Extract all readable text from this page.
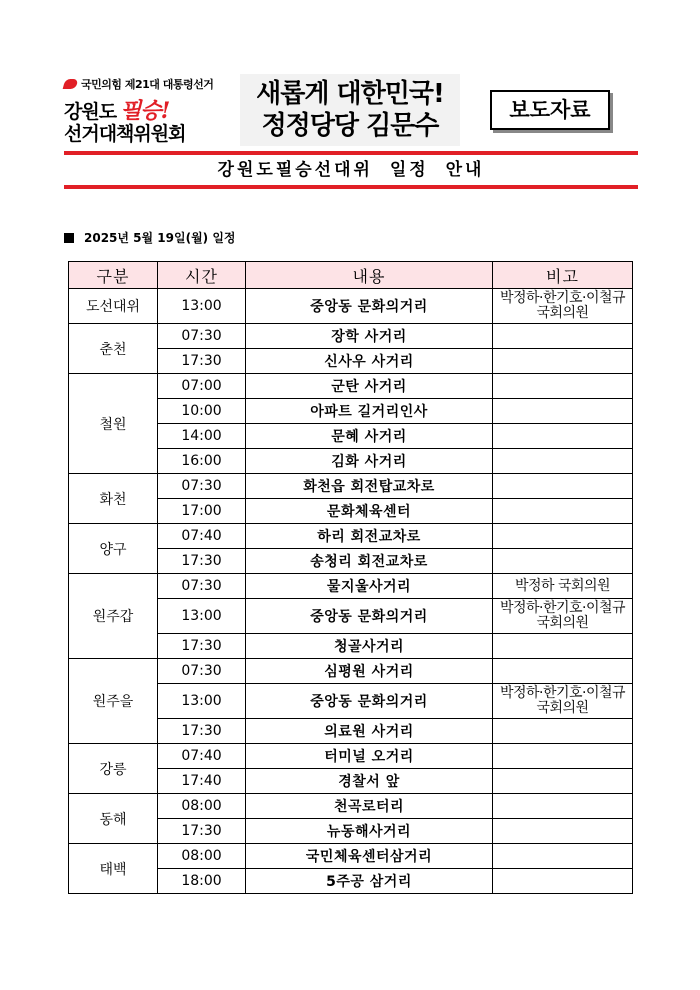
국민의힘 제21대 대통령선거
강원도 필승!
선거대책위원회
새롭게 대한민국!
정정당당 김문수
보도자료
강원도필승선대위 일정 안내
2025년 5월 19일(월) 일정
구분	시간	내용	비고
도선대위	13:00	중앙동 문화의거리	박정하·한기호·이철규
국회의원

춘천	07:30	장학 사거리	

	17:30	신사우 사거리	

철원	07:00	군탄 사거리	

	10:00	아파트 길거리인사	

	14:00	문혜 사거리	

	16:00	김화 사거리	

화천	07:30	화천읍 회전탑교차로	

	17:00	문화체육센터	

양구	07:40	하리 회전교차로	

	17:30	송청리 회전교차로	

원주갑	07:30	물지울사거리	박정하 국회의원

	13:00	중앙동 문화의거리	박정하·한기호·이철규
국회의원

	17:30	청골사거리	

원주을	07:30	심평원 사거리	

	13:00	중앙동 문화의거리	박정하·한기호·이철규
국회의원

	17:30	의료원 사거리	

강릉	07:40	터미널 오거리	

	17:40	경찰서 앞	

동해	08:00	천곡로터리	

	17:30	뉴동해사거리	

태백	08:00	국민체육센터삼거리	

	18:00	5주공 삼거리	
